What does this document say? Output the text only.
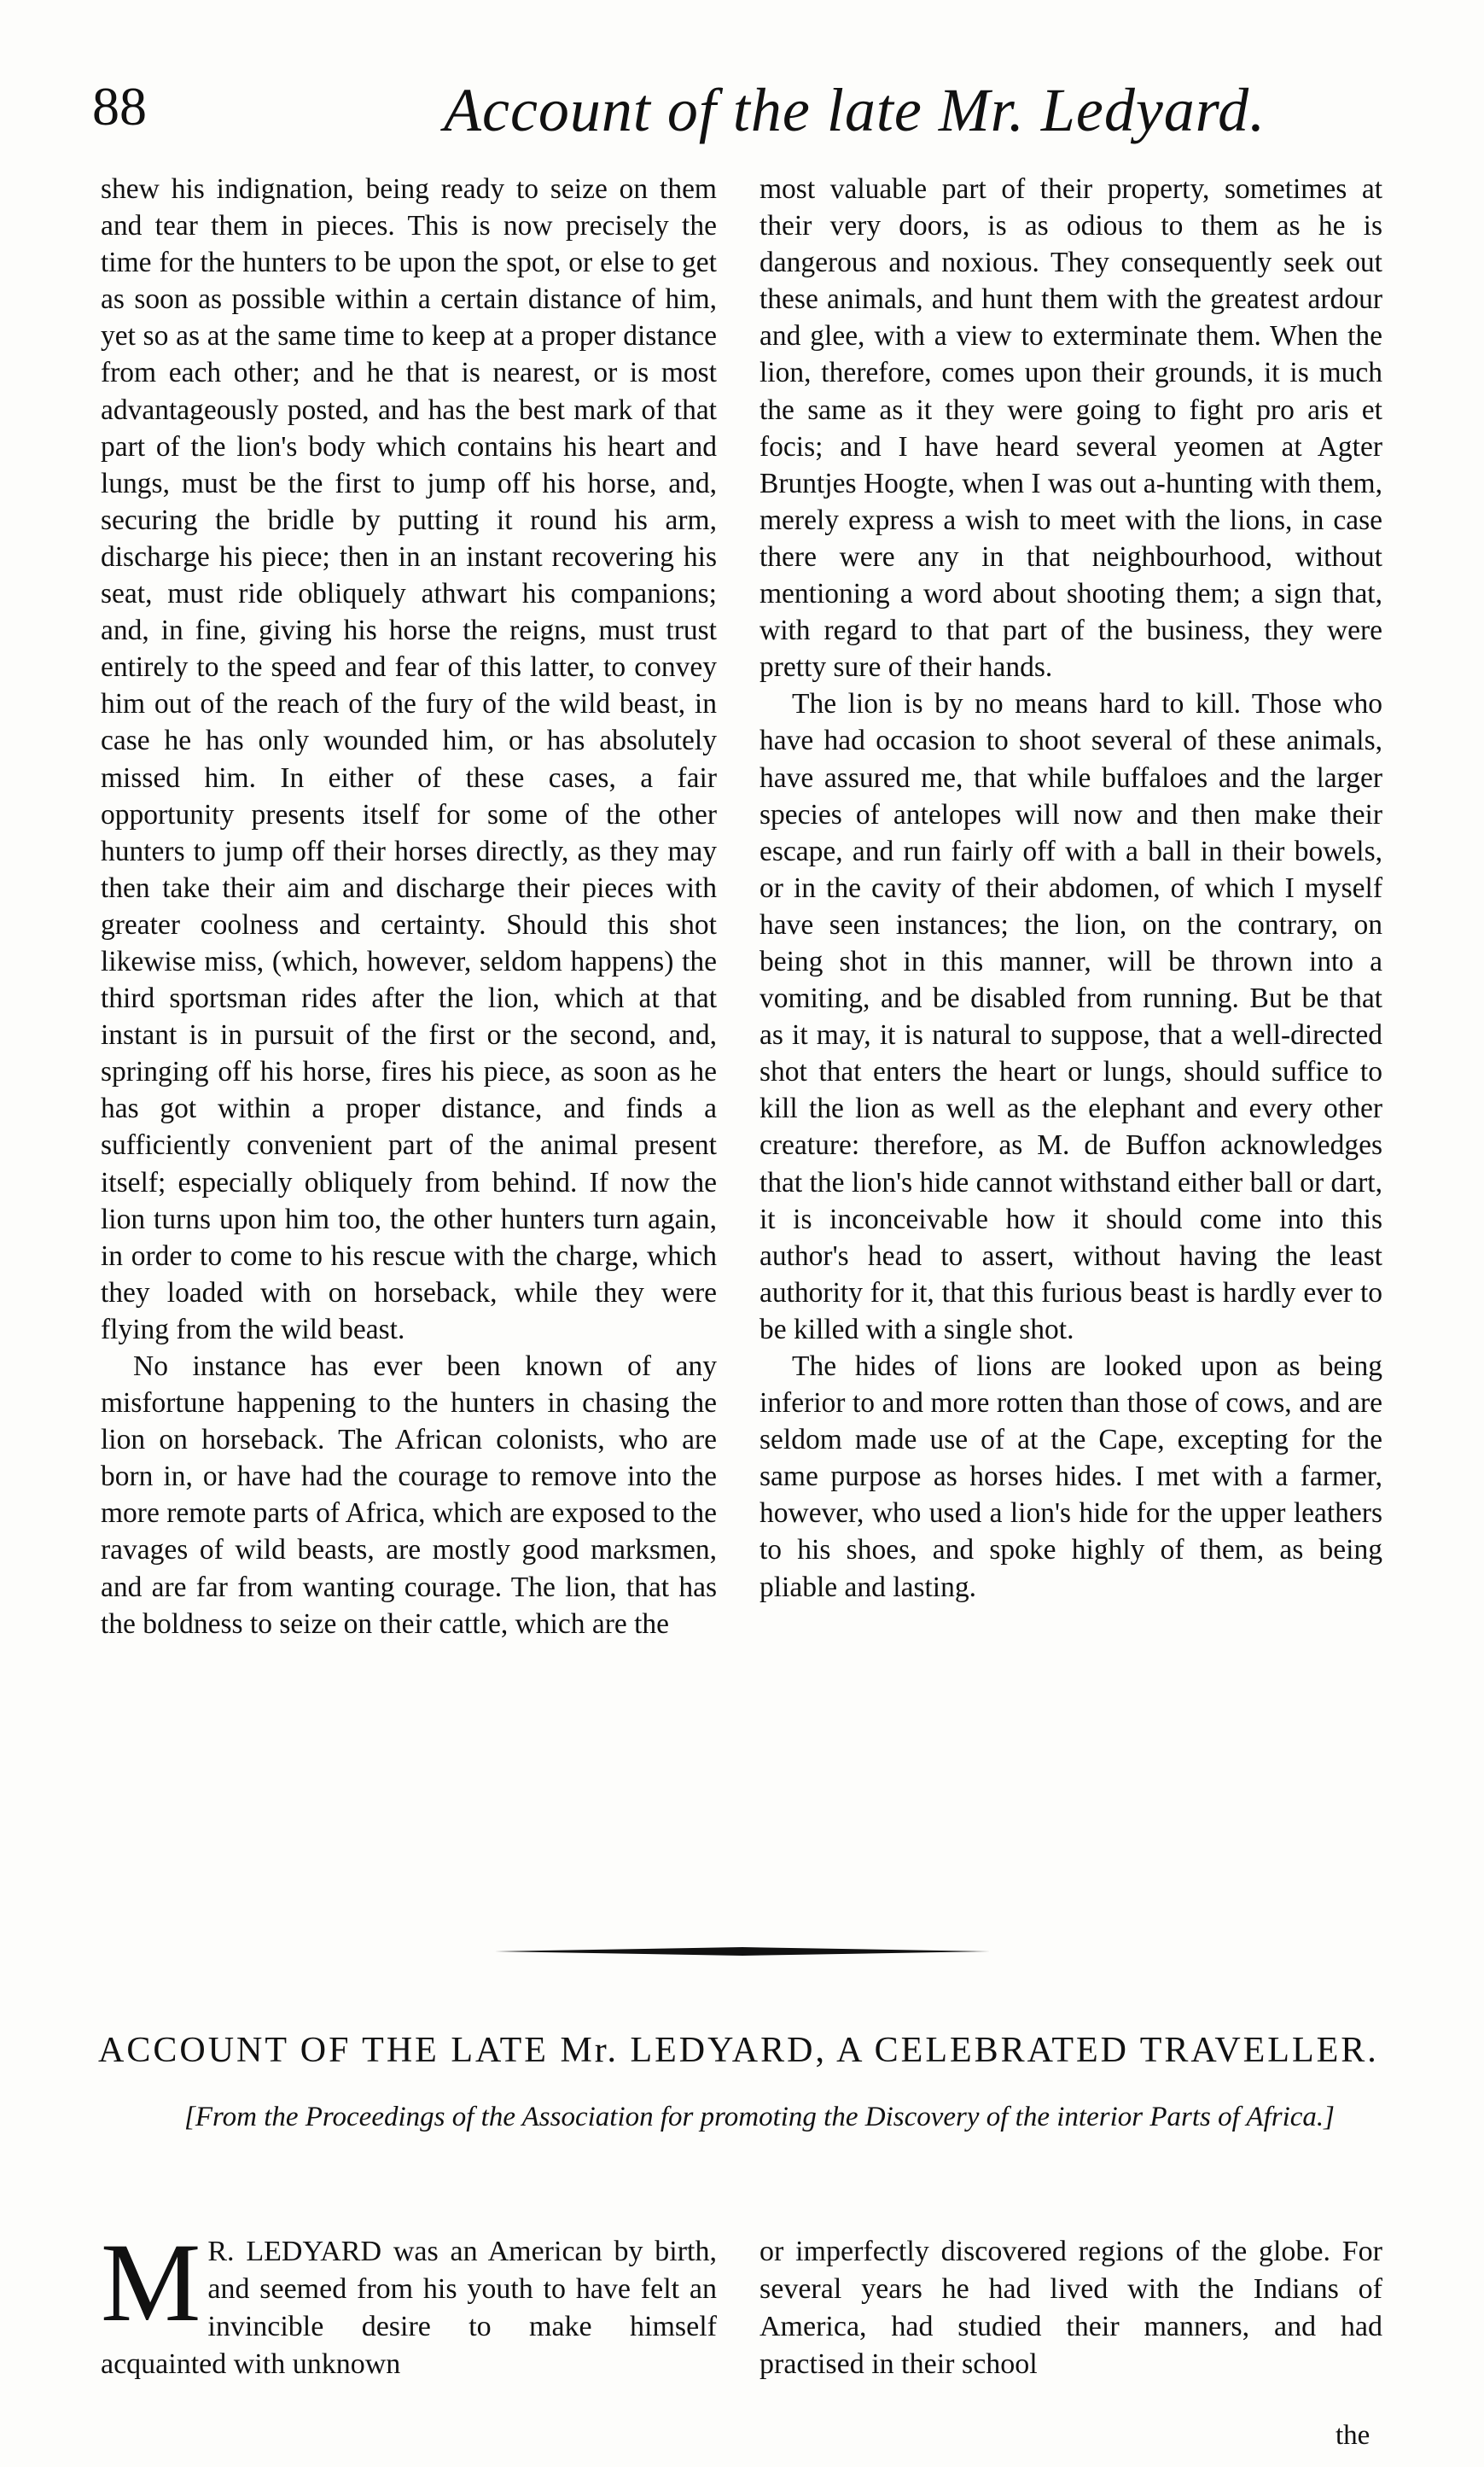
88	Account of the late Mr. Ledyard.

shew his indignation, being ready to seize on them and tear them in pieces. This is now precisely the time for the hunters to be upon the spot, or else to get as soon as possible within a certain distance of him, yet so as at the same time to keep at a proper distance from each other; and he that is nearest, or is most advantageously posted, and has the best mark of that part of the lion's body which contains his heart and lungs, must be the first to jump off his horse, and, securing the bridle by putting it round his arm, discharge his piece; then in an instant recovering his seat, must ride obliquely athwart his companions; and, in fine, giving his horse the reigns, must trust entirely to the speed and fear of this latter, to convey him out of the reach of the fury of the wild beast, in case he has only wounded him, or has absolutely missed him. In either of these cases, a fair opportunity presents itself for some of the other hunters to jump off their horses directly, as they may then take their aim and discharge their pieces with greater coolness and certainty. Should this shot likewise miss, (which, however, seldom happens) the third sportsman rides after the lion, which at that instant is in pursuit of the first or the second, and, springing off his horse, fires his piece, as soon as he has got within a proper distance, and finds a sufficiently convenient part of the animal present itself; especially obliquely from behind. If now the lion turns upon him too, the other hunters turn again, in order to come to his rescue with the charge, which they loaded with on horseback, while they were flying from the wild beast.

No instance has ever been known of any misfortune happening to the hunters in chasing the lion on horseback. The African colonists, who are born in, or have had the courage to remove into the more remote parts of Africa, which are exposed to the ravages of wild beasts, are mostly good marksmen, and are far from wanting courage. The lion, that has the boldness to seize on their cattle, which are the

most valuable part of their property, sometimes at their very doors, is as odious to them as he is dangerous and noxious. They consequently seek out these animals, and hunt them with the greatest ardour and glee, with a view to exterminate them. When the lion, therefore, comes upon their grounds, it is much the same as it they were going to fight pro aris et focis; and I have heard several yeomen at Agter Bruntjes Hoogte, when I was out a-hunting with them, merely express a wish to meet with the lions, in case there were any in that neighbourhood, without mentioning a word about shooting them; a sign that, with regard to that part of the business, they were pretty sure of their hands.

The lion is by no means hard to kill. Those who have had occasion to shoot several of these animals, have assured me, that while buffaloes and the larger species of antelopes will now and then make their escape, and run fairly off with a ball in their bowels, or in the cavity of their abdomen, of which I myself have seen instances; the lion, on the contrary, on being shot in this manner, will be thrown into a vomiting, and be disabled from running. But be that as it may, it is natural to suppose, that a well-directed shot that enters the heart or lungs, should suffice to kill the lion as well as the elephant and every other creature: therefore, as M. de Buffon acknowledges that the lion's hide cannot withstand either ball or dart, it is inconceivable how it should come into this author's head to assert, without having the least authority for it, that this furious beast is hardly ever to be killed with a single shot.

The hides of lions are looked upon as being inferior to and more rotten than those of cows, and are seldom made use of at the Cape, excepting for the same purpose as horses hides. I met with a farmer, however, who used a lion's hide for the upper leathers to his shoes, and spoke highly of them, as being pliable and lasting.

ACCOUNT OF THE LATE Mr. LEDYARD, A CELEBRATED TRAVELLER.
[From the Proceedings of the Association for promoting the Discovery of the interior Parts of Africa.]
M R. LEDYARD was an American by birth, and seemed from his youth to have felt an invincible desire to make himself acquainted with unknown
or imperfectly discovered regions of the globe. For several years he had lived with the Indians of America, had studied their manners, and had practised in their school
the
